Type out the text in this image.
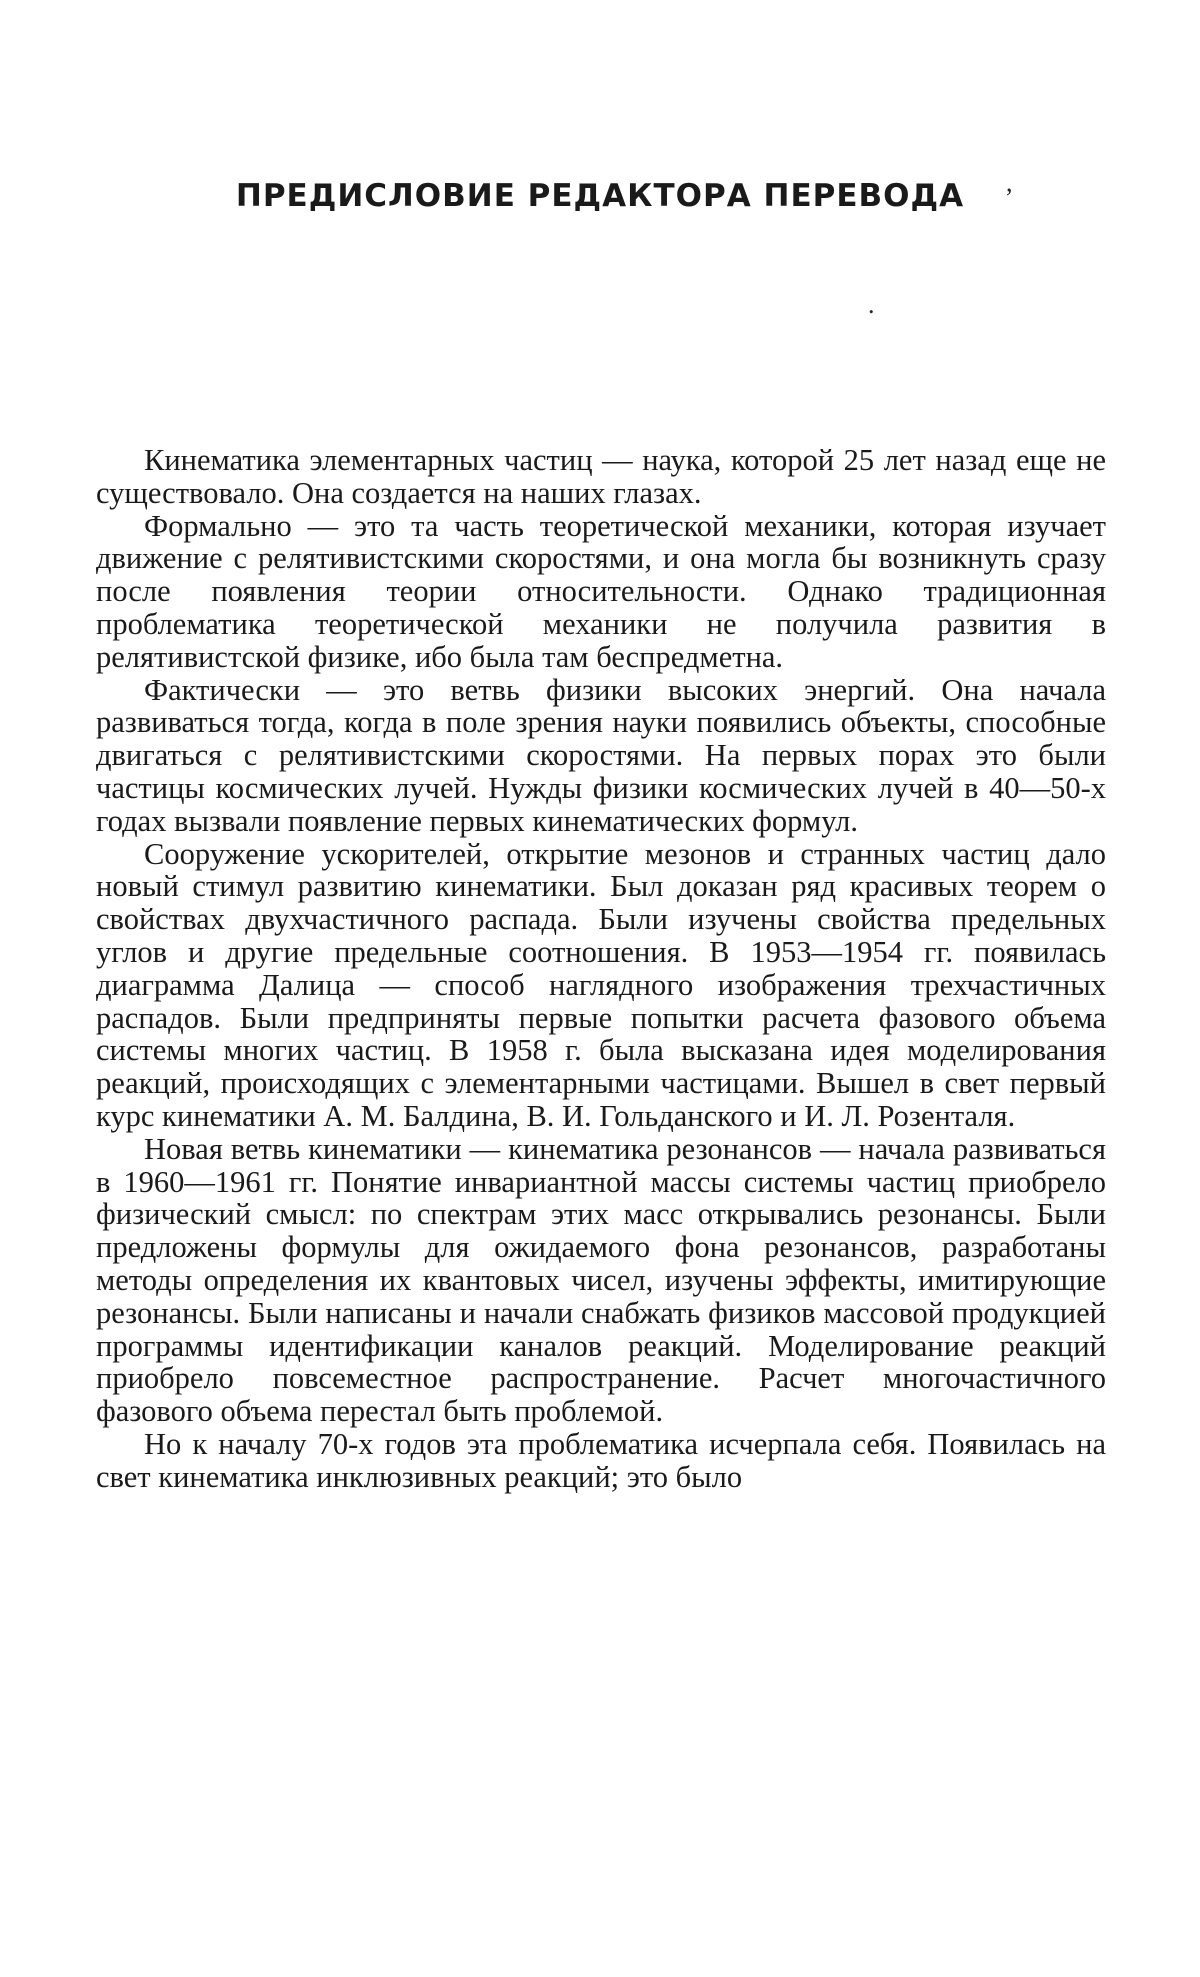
ПРЕДИСЛОВИЕ РЕДАКТОРА ПЕРЕВОДА	,
.

Кинематика элементарных частиц — наука, которой 25 лет назад еще не существовало. Она создается на наших глазах.

Формально — это та часть теоретической механики, которая изучает движение с релятивистскими скоростями, и она могла бы возникнуть сразу после появления теории относительности. Однако традиционная проблематика теоретической механики не получила развития в релятивистской физике, ибо была там беспредметна.

Фактически — это ветвь физики высоких энергий. Она начала развиваться тогда, когда в поле зрения науки появились объекты, способные двигаться с релятивистскими скоростями. На первых порах это были частицы космических лучей. Нужды физики космических лучей в 40—50-х годах вызвали появление первых кинематических формул.

Сооружение ускорителей, открытие мезонов и странных частиц дало новый стимул развитию кинематики. Был доказан ряд красивых теорем о свойствах двухчастичного распада. Были изучены свойства предельных углов и другие предельные соотношения. В 1953—1954 гг. появилась диаграмма Далица — способ наглядного изображения трехчастичных распадов. Были предприняты первые попытки расчета фазового объема системы многих частиц. В 1958 г. была высказана идея моделирования реакций, происходящих с элементарными частицами. Вышел в свет первый курс кинематики А. М. Балдина, В. И. Гольданского и И. Л. Розенталя.

Новая ветвь кинематики — кинематика резонансов — начала развиваться в 1960—1961 гг. Понятие инвариантной массы системы частиц приобрело физический смысл: по спектрам этих масс открывались резонансы. Были предложены формулы для ожидаемого фона резонансов, разработаны методы определения их квантовых чисел, изучены эффекты, имитирующие резонансы. Были написаны и начали снабжать физиков массовой продукцией программы идентификации каналов реакций. Моделирование реакций приобрело повсеместное распространение. Расчет многочастичного фазового объема перестал быть проблемой.

Но к началу 70-х годов эта проблематика исчерпала себя. Появилась на свет кинематика инклюзивных реакций; это было
